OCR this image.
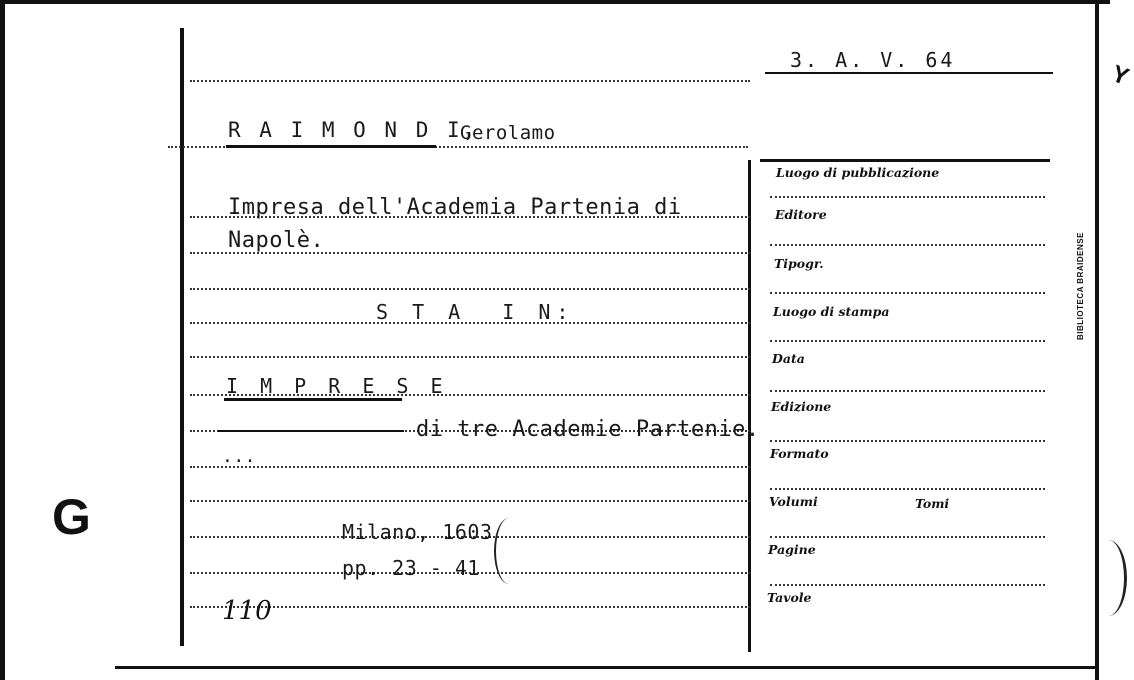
G
3. A. V. 64
R A I M O N D I,
Gerolamo
Impresa dell'Academia Partenia di
Napolè.
S T A  I N:
I M P R E S E
di tre Academie Partenie.
...
Milano, 1603
pp. 23 - 41
110
Luogo di pubblicazione
Editore
Tipogr.
Luogo di stampa
Data
Edizione
Formato
Volumi	Tomi
Pagine
Tavole
BIBLIOTECA BRAIDENSE
Y
